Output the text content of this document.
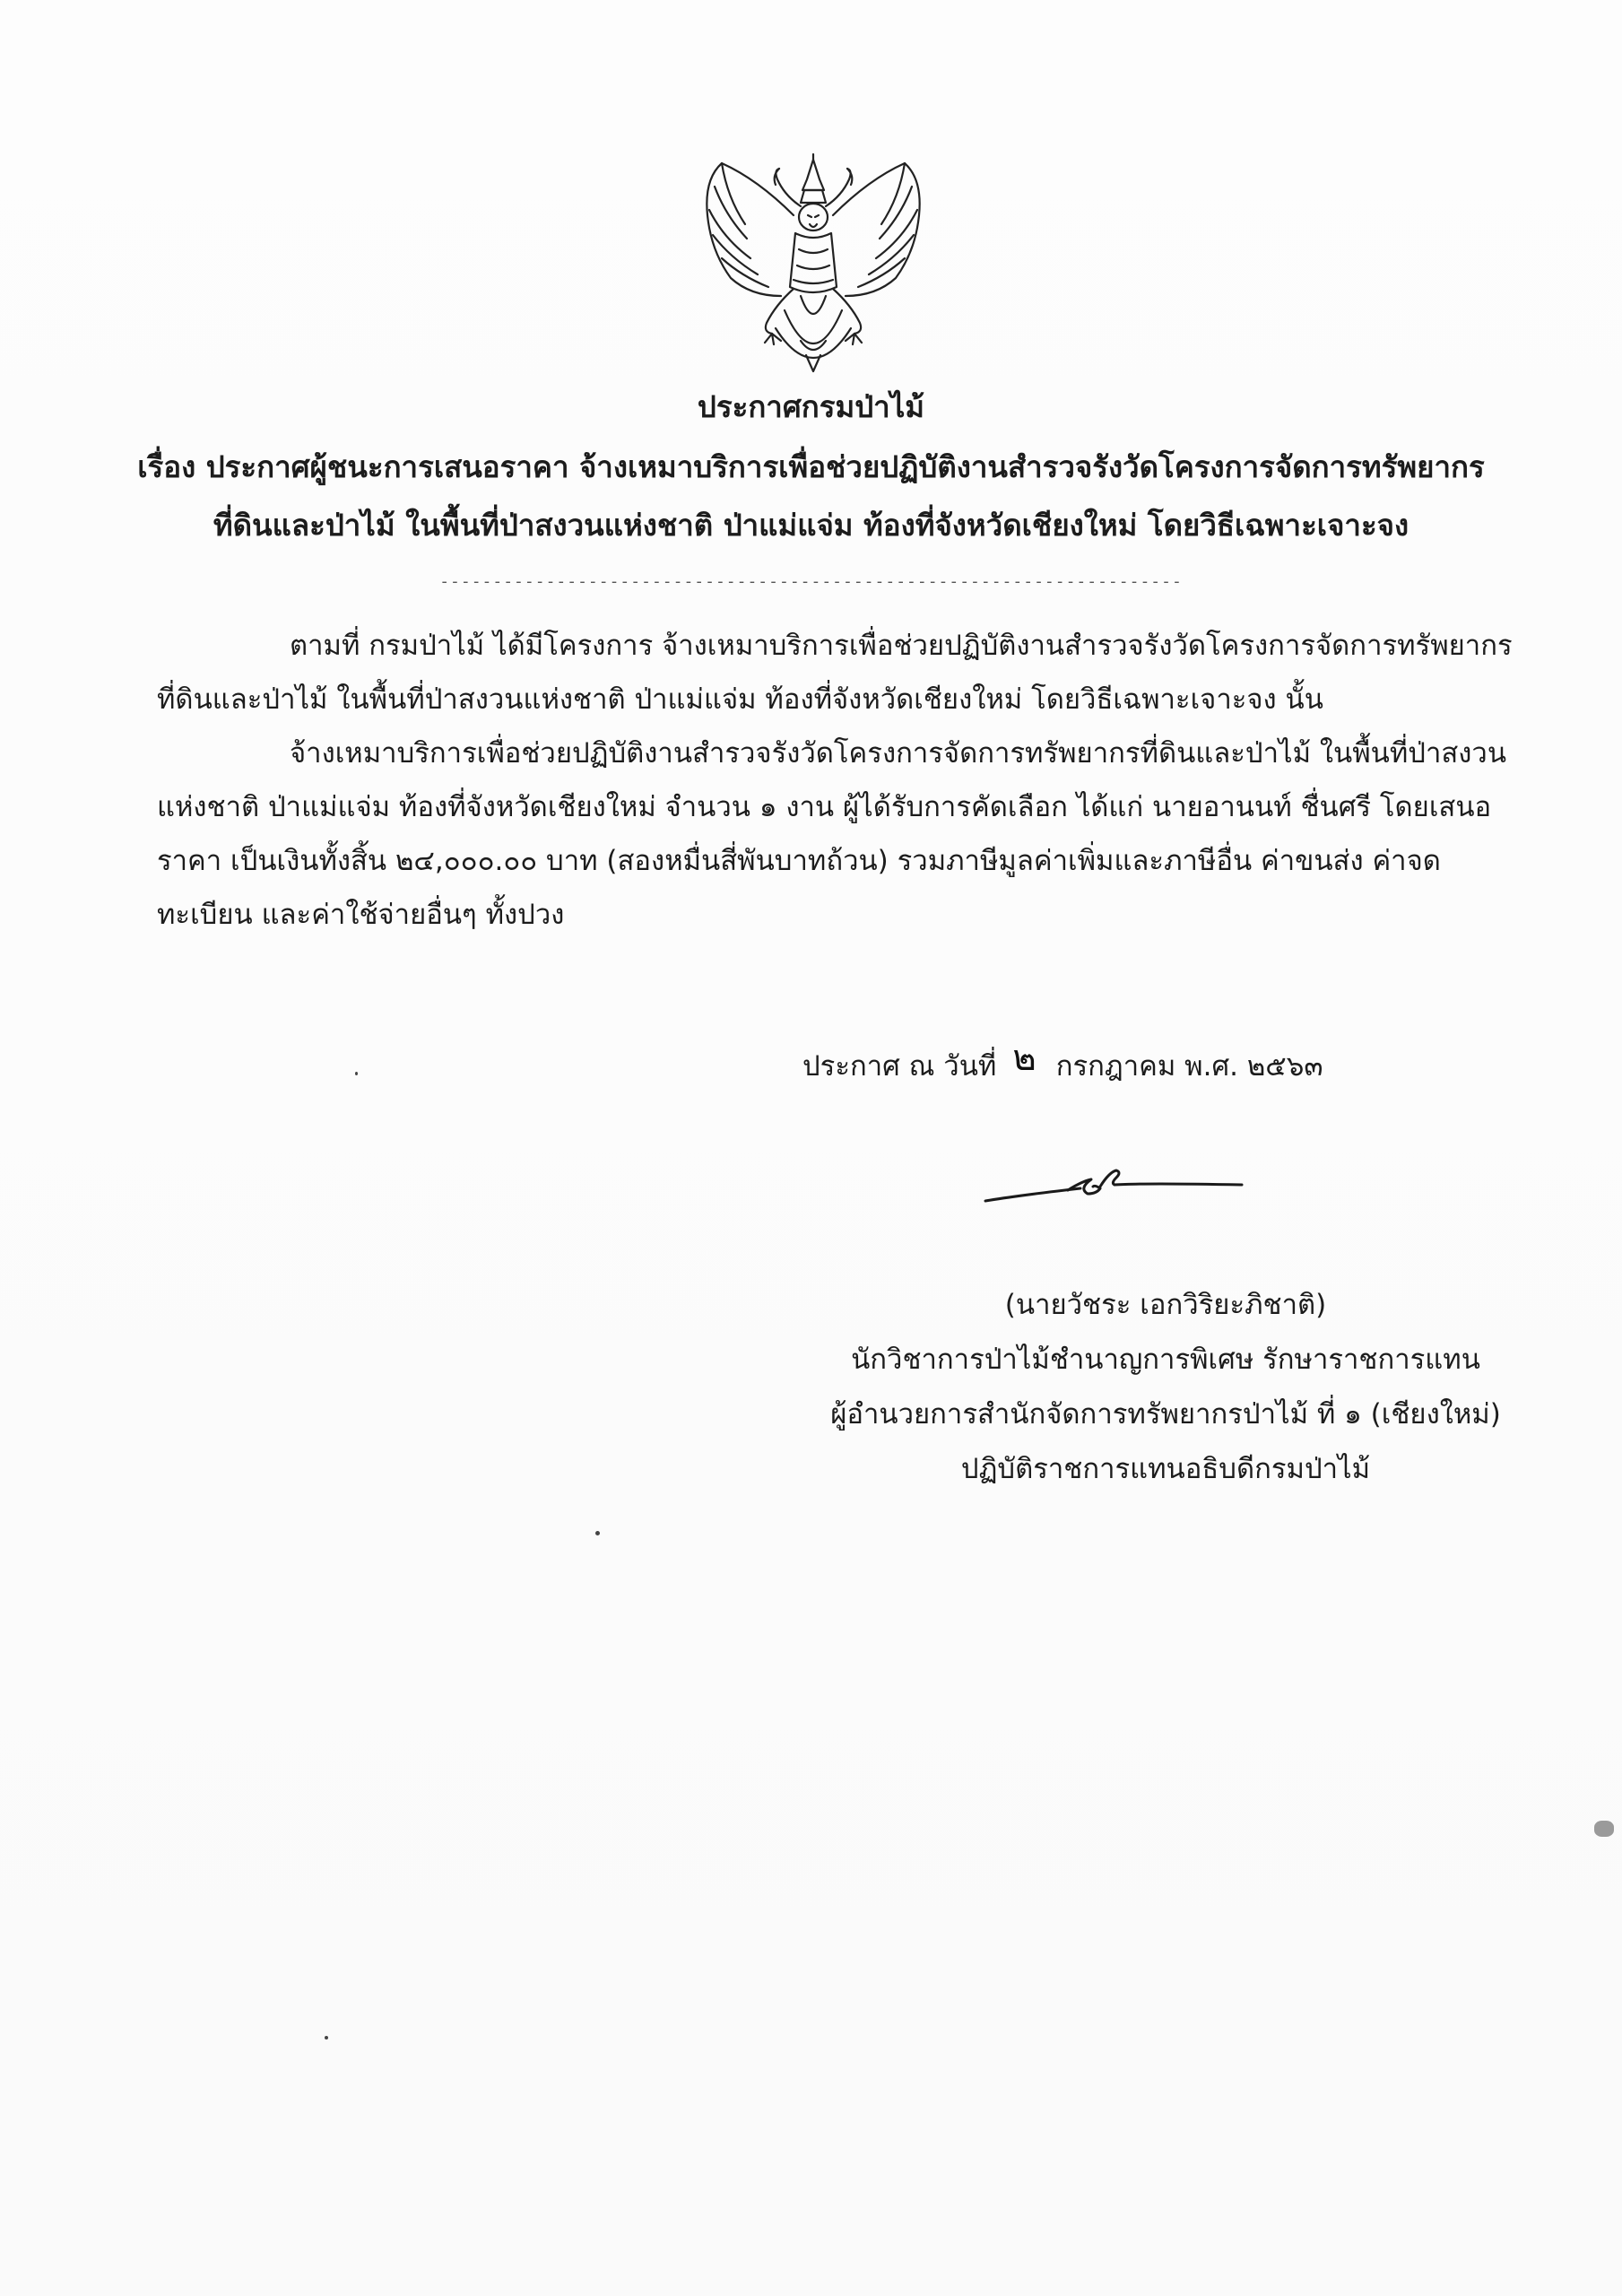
ประกาศกรมป่าไม้
เรื่อง ประกาศผู้ชนะการเสนอราคา จ้างเหมาบริการเพื่อช่วยปฏิบัติงานสำรวจรังวัดโครงการจัดการทรัพยากร
ที่ดินและป่าไม้ ในพื้นที่ป่าสงวนแห่งชาติ ป่าแม่แจ่ม ท้องที่จังหวัดเชียงใหม่ โดยวิธีเฉพาะเจาะจง
----------------------------------------------------------------------
ตามที่ กรมป่าไม้ ได้มีโครงการ จ้างเหมาบริการเพื่อช่วยปฏิบัติงานสำรวจรังวัดโครงการจัดการทรัพยากร
ที่ดินและป่าไม้ ในพื้นที่ป่าสงวนแห่งชาติ ป่าแม่แจ่ม ท้องที่จังหวัดเชียงใหม่ โดยวิธีเฉพาะเจาะจง นั้น
จ้างเหมาบริการเพื่อช่วยปฏิบัติงานสำรวจรังวัดโครงการจัดการทรัพยากรที่ดินและป่าไม้ ในพื้นที่ป่าสงวน
แห่งชาติ ป่าแม่แจ่ม ท้องที่จังหวัดเชียงใหม่ จำนวน ๑ งาน ผู้ได้รับการคัดเลือก ได้แก่ นายอานนท์ ชื่นศรี โดยเสนอ
ราคา เป็นเงินทั้งสิ้น ๒๔,๐๐๐.๐๐ บาท (สองหมื่นสี่พันบาทถ้วน) รวมภาษีมูลค่าเพิ่มและภาษีอื่น ค่าขนส่ง ค่าจด
ทะเบียน และค่าใช้จ่ายอื่นๆ ทั้งปวง
ประกาศ ณ วันที่ ๒ กรกฎาคม พ.ศ. ๒๕๖๓
(นายวัชระ เอกวิริยะภิชาติ)
นักวิชาการป่าไม้ชำนาญการพิเศษ รักษาราชการแทน
ผู้อำนวยการสำนักจัดการทรัพยากรป่าไม้ ที่ ๑ (เชียงใหม่)
ปฏิบัติราชการแทนอธิบดีกรมป่าไม้
